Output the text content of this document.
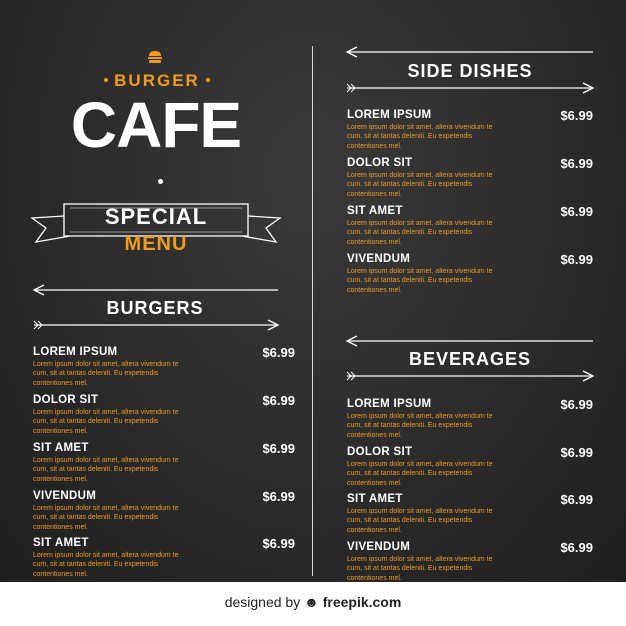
BURGER
CAFE
SPECIAL
MENU
BURGERS
LOREM IPSUM	$6.99
Lorem ipsum dolor sit amet, altera vivendum te cum, sit at tantas deleniti. Eu expetendis contentiones mel.
DOLOR SIT	$6.99
Lorem ipsum dolor sit amet, altera vivendum te cum, sit at tantas deleniti. Eu expetendis contentiones mel.
SIT AMET	$6.99
Lorem ipsum dolor sit amet, altera vivendum te cum, sit at tantas deleniti. Eu expetendis contentiones mel.
VIVENDUM	$6.99
Lorem ipsum dolor sit amet, altera vivendum te cum, sit at tantas deleniti. Eu expetendis contentiones mel.
SIT AMET	$6.99
Lorem ipsum dolor sit amet, altera vivendum te cum, sit at tantas deleniti. Eu expetendis contentiones mel.
SIDE DISHES
LOREM IPSUM	$6.99
Lorem ipsum dolor sit amet, altera vivendum te cum, sit at tantas deleniti. Eu expetendis contentiones mel.
DOLOR SIT	$6.99
Lorem ipsum dolor sit amet, altera vivendum te cum, sit at tantas deleniti. Eu expetendis contentiones mel.
SIT AMET	$6.99
Lorem ipsum dolor sit amet, altera vivendum te cum, sit at tantas deleniti. Eu expetendis contentiones mel.
VIVENDUM	$6.99
Lorem ipsum dolor sit amet, altera vivendum te cum, sit at tantas deleniti. Eu expetendis contentiones mel.
BEVERAGES
LOREM IPSUM	$6.99
Lorem ipsum dolor sit amet, altera vivendum te cum, sit at tantas deleniti. Eu expetendis contentiones mel.
DOLOR SIT	$6.99
Lorem ipsum dolor sit amet, altera vivendum te cum, sit at tantas deleniti. Eu expetendis contentiones mel.
SIT AMET	$6.99
Lorem ipsum dolor sit amet, altera vivendum te cum, sit at tantas deleniti. Eu expetendis contentiones mel.
VIVENDUM	$6.99
Lorem ipsum dolor sit amet, altera vivendum te cum, sit at tantas deleniti. Eu expetendis contentiones mel.
designed by ☻ freepik.com
